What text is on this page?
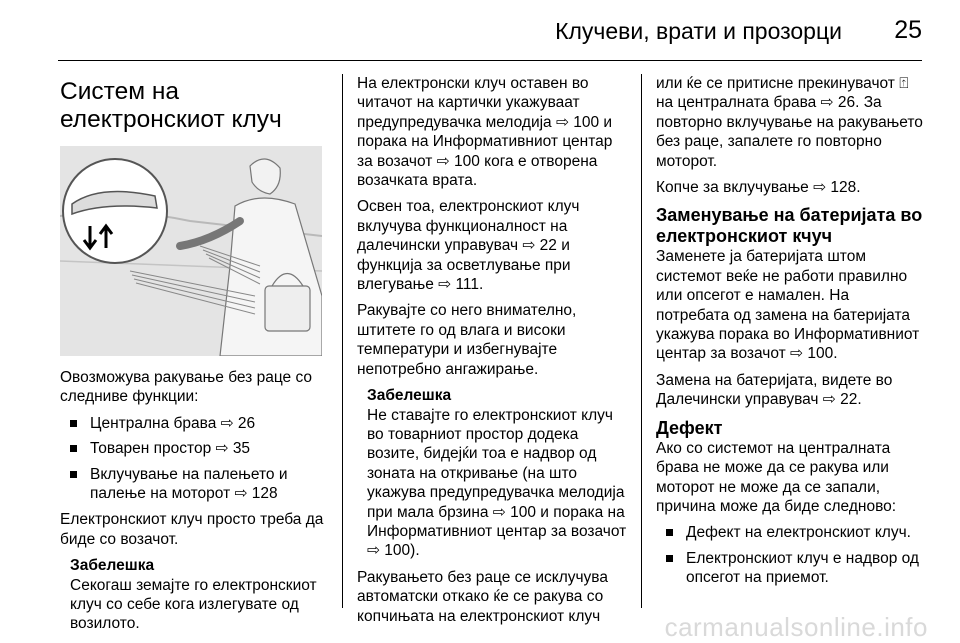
Клучеви, врати и прозорци 25
Систем на електронскиот клуч

Овозможува ракување без раце со следниве функции:

Централна брава ⇨ 26
Товарен простор ⇨ 35
Вклучување на палењето и палење на моторот ⇨ 128

Електронскиот клуч просто треба да биде со возачот.

Забелешка
Секогаш земајте го електронскиот клуч со себе кога излегувате од возилото.

На електронски клуч оставен во читачот на картички укажуваат предупредувачка мелодија ⇨ 100 и порака на Информативниот центар за возачот ⇨ 100 кога е отворена возачката врата.

Освен тоа, електронскиот клуч вклучува функционалност на далечински управувач ⇨ 22 и функција за осветлување при влегување ⇨ 111.

Ракувајте со него внимателно, штитете го од влага и високи температури и избегнувајте непотребно ангажирање.

Забелешка
Не ставајте го електронскиот клуч во товарниот простор додека возите, бидејќи тоа е надвор од зоната на откривање (на што укажува предупредувачка мелодија при мала брзина ⇨ 100 и порака на Информативниот центар за возачот ⇨ 100).

Ракувањето без раце се исклучува автоматски откако ќе се ракува со копчињата на електронскиот клуч

или ќе се притисне прекинувачот ⍐ на централната брава ⇨ 26. За повторно вклучување на ракувањето без раце, запалете го повторно моторот.

Копче за вклучување ⇨ 128.

Заменување на батеријата во електронскиот кчуч

Заменете ја батеријата штом системот веќе не работи правилно или опсегот е намален. На потребата од замена на батеријата укажува порака во Информативниот центар за возачот ⇨ 100.

Замена на батеријата, видете во Далечински управувач ⇨ 22.

Дефект

Ако со системот на централната брава не може да се ракува или моторот не може да се запали, причина може да биде следново:

Дефект на електронскиот клуч.
Електронскиот клуч е надвор од опсегот на приемот.
carmanualsonline.info
